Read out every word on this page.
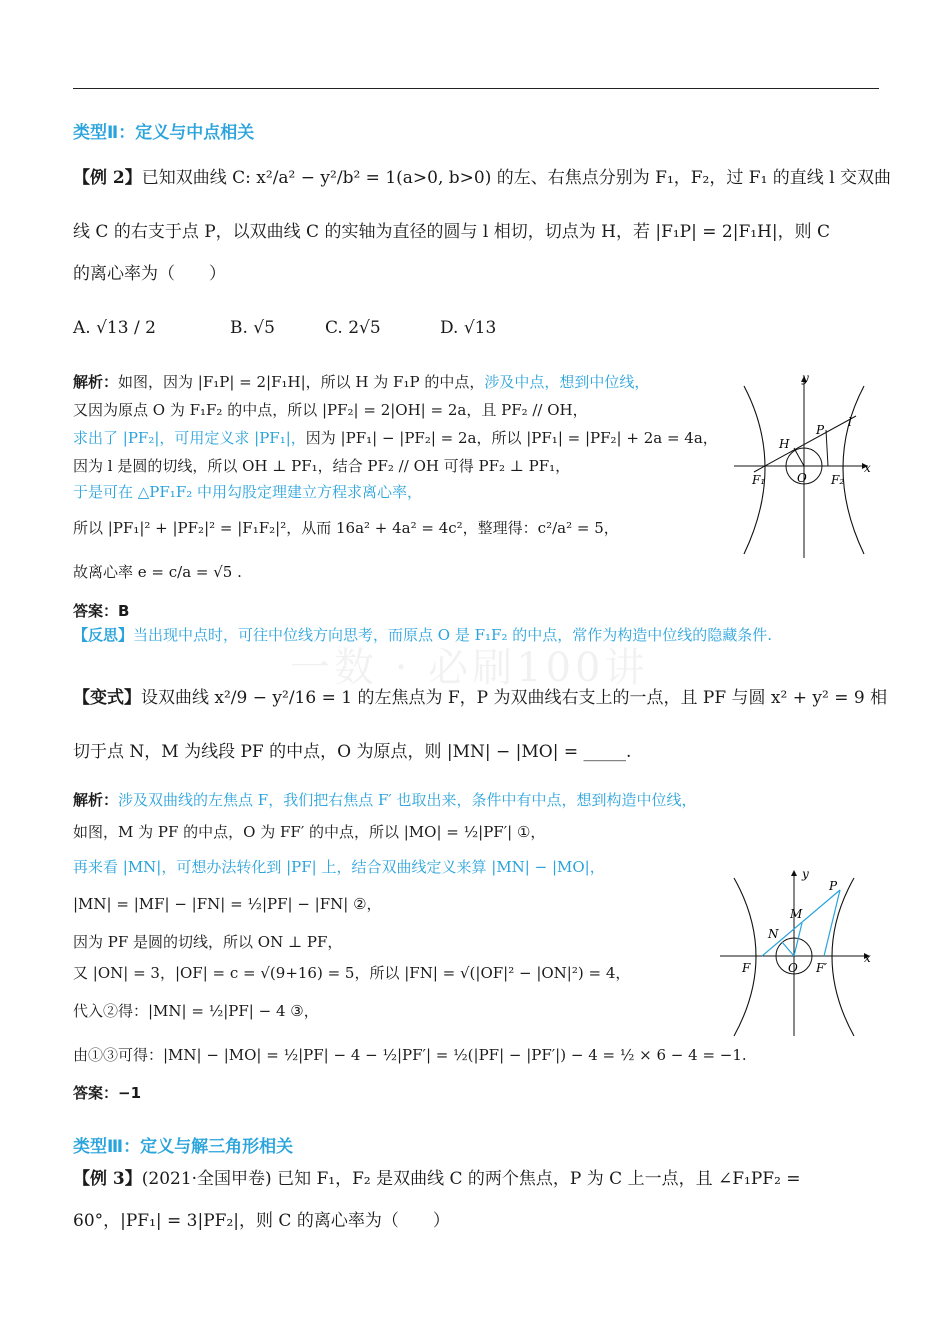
类型Ⅱ：定义与中点相关
【例 2】已知双曲线 C: x²/a² − y²/b² = 1(a>0, b>0) 的左、右焦点分别为 F₁，F₂，过 F₁ 的直线 l 交双曲
线 C 的右支于点 P，以双曲线 C 的实轴为直径的圆与 l 相切，切点为 H，若 |F₁P| = 2|F₁H|，则 C
的离心率为（　　）
A. √13 / 2	B. √5	C. 2√5	D. √13
解析：如图，因为 |F₁P| = 2|F₁H|，所以 H 为 F₁P 的中点，涉及中点，想到中位线，
又因为原点 O 为 F₁F₂ 的中点，所以 |PF₂| = 2|OH| = 2a，且 PF₂ // OH，
求出了 |PF₂|，可用定义求 |PF₁|，因为 |PF₁| − |PF₂| = 2a，所以 |PF₁| = |PF₂| + 2a = 4a，
因为 l 是圆的切线，所以 OH ⊥ PF₁，结合 PF₂ // OH 可得 PF₂ ⊥ PF₁，
于是可在 △PF₁F₂ 中用勾股定理建立方程求离心率，
所以 |PF₁|² + |PF₂|² = |F₁F₂|²，从而 16a² + 4a² = 4c²，整理得：c²/a² = 5，
故离心率 e = c/a = √5 .
答案：B
【反思】当出现中点时，可往中位线方向思考，而原点 O 是 F₁F₂ 的中点，常作为构造中位线的隐藏条件.
y
x
O
F₁	F₂
H
P
l
一数 · 必刷100讲
【变式】设双曲线 x²/9 − y²/16 = 1 的左焦点为 F，P 为双曲线右支上的一点，且 PF 与圆 x² + y² = 9 相
切于点 N，M 为线段 PF 的中点，O 为原点，则 |MN| − |MO| = _____.
解析：涉及双曲线的左焦点 F，我们把右焦点 F′ 也取出来，条件中有中点，想到构造中位线，
如图，M 为 PF 的中点，O 为 FF′ 的中点，所以 |MO| = ½|PF′| ①，
再来看 |MN|，可想办法转化到 |PF| 上，结合双曲线定义来算 |MN| − |MO|，
|MN| = |MF| − |FN| = ½|PF| − |FN| ②，
因为 PF 是圆的切线，所以 ON ⊥ PF，
又 |ON| = 3，|OF| = c = √(9+16) = 5，所以 |FN| = √(|OF|² − |ON|²) = 4，
代入②得：|MN| = ½|PF| − 4 ③，
由①③可得：|MN| − |MO| = ½|PF| − 4 − ½|PF′| = ½(|PF| − |PF′|) − 4 = ½ × 6 − 4 = −1.
答案：−1
y
x
O
F	F′
N
M
P
类型Ⅲ：定义与解三角形相关
【例 3】(2021·全国甲卷) 已知 F₁，F₂ 是双曲线 C 的两个焦点，P 为 C 上一点，且 ∠F₁PF₂ =
60°，|PF₁| = 3|PF₂|，则 C 的离心率为（　　）
